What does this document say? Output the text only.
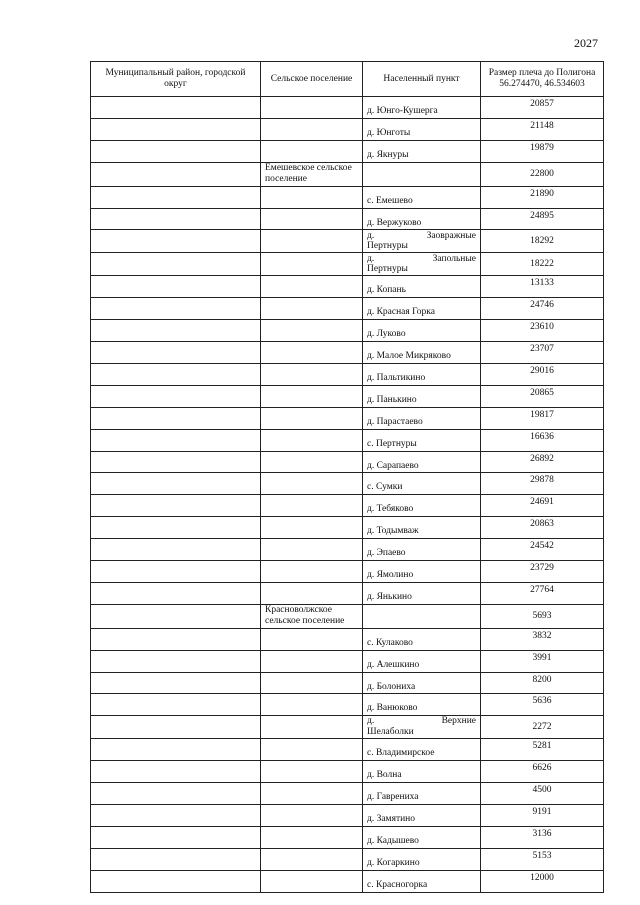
2027
Муниципальный район, городской округ	Сельское поселение	Населенный пункт	Размер плеча до Полигона 56.274470, 46.534603
		д. Юнго-Кушерга	20857
		д. Юнготы	21148
		д. Якнуры	19879
	Емешевское сельское поселение		22800
		с. Емешево	21890
		д. Вержуково	24895

		д. Заовражные
Пертнуры	18292

		д. Запольные
Пертнуры	18222
		д. Копань	13133
		д. Красная Горка	24746
		д. Луково	23610
		д. Малое Микряково	23707
		д. Пальтикино	29016
		д. Панькино	20865
		д. Парастаево	19817
		с. Пертнуры	16636
		д. Сарапаево	26892
		с. Сумки	29878
		д. Тебяково	24691
		д. Тодымваж	20863
		д. Эпаево	24542
		д. Ямолино	23729
		д. Янькино	27764
	Красноволжское сельское поселение		5693
		с. Кулаково	3832
		д. Алешкино	3991
		д. Болониха	8200
		д. Ванюково	5636

		д. Верхние
Шелаболки	2272
		с. Владимирское	5281
		д. Волна	6626
		д. Гаврениха	4500
		д. Замятино	9191
		д. Кадышево	3136
		д. Когаркино	5153
		с. Красногорка	12000
